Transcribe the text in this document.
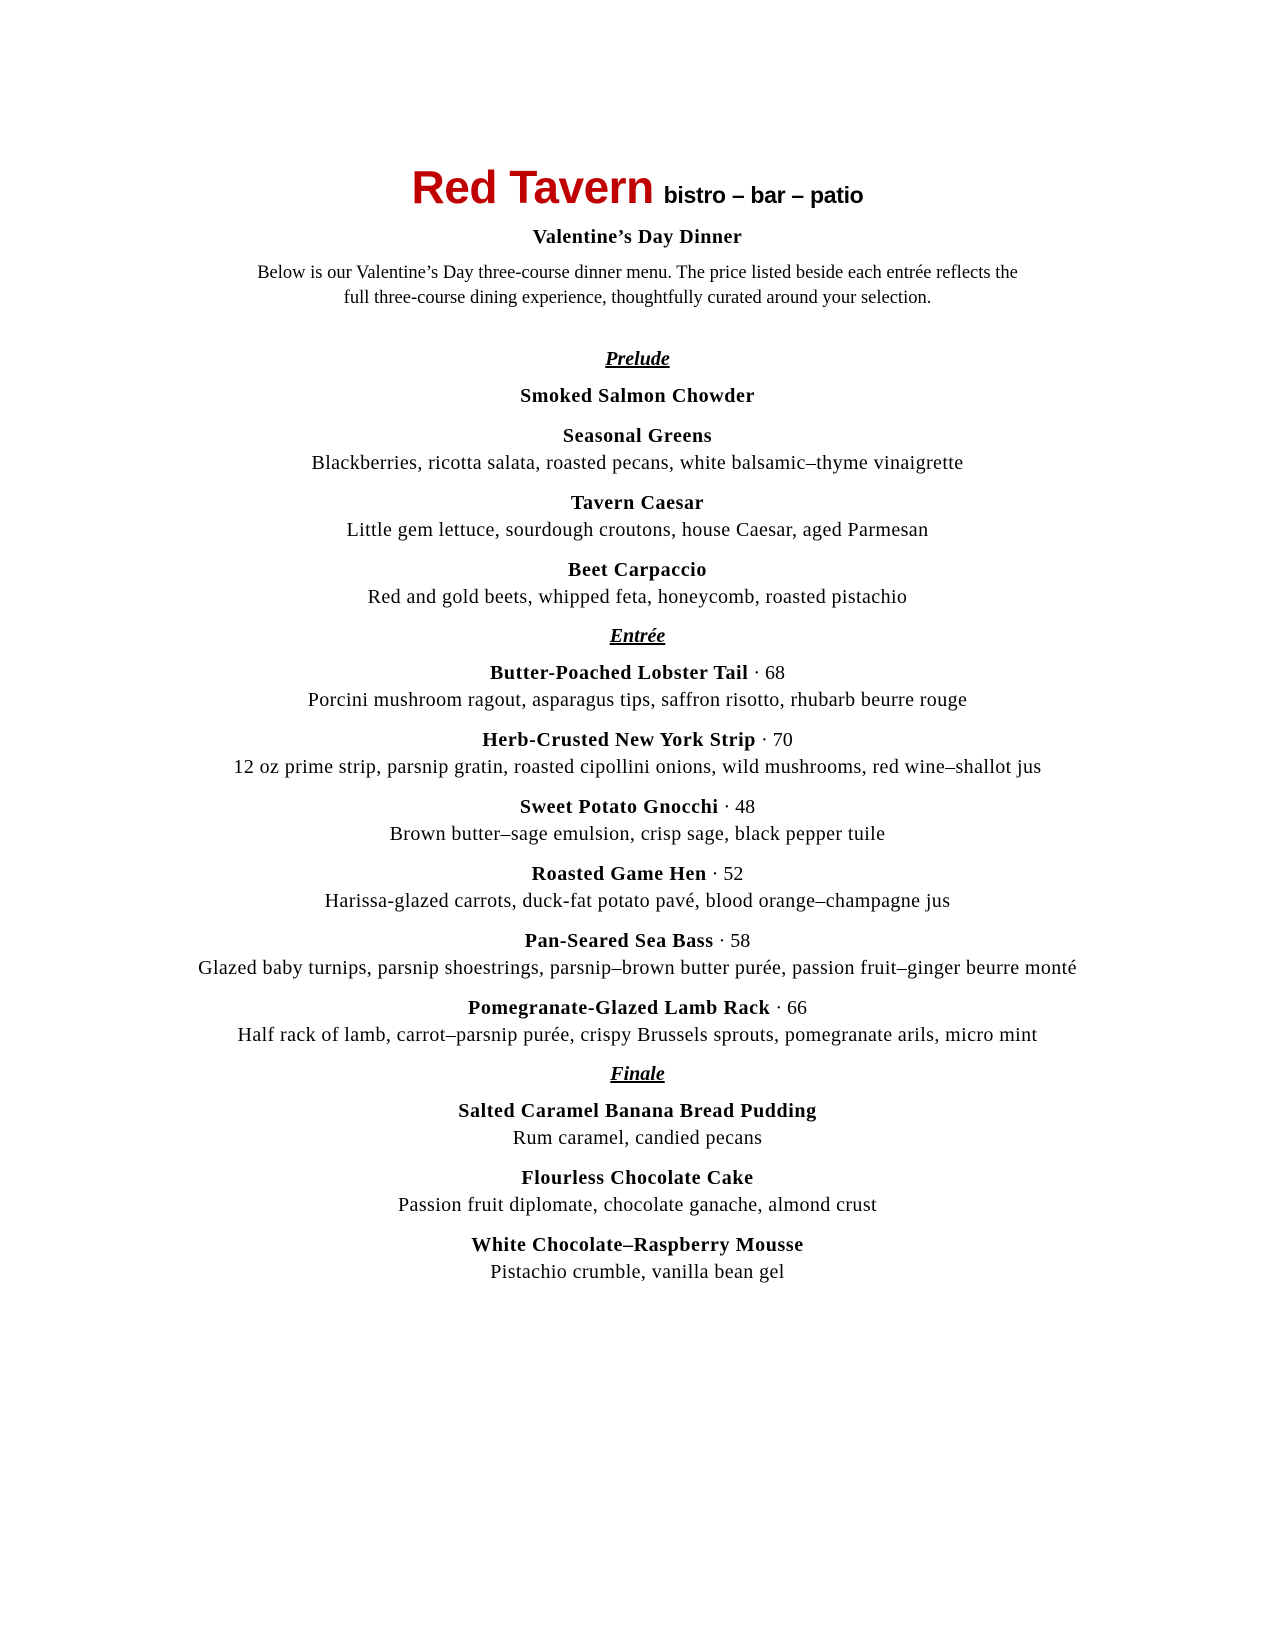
Red Tavern bistro – bar – patio
Valentine’s Day Dinner
Below is our Valentine’s Day three-course dinner menu. The price listed beside each entrée reflects the
full three-course dining experience, thoughtfully curated around your selection.
Prelude
Smoked Salmon Chowder
Seasonal Greens
Blackberries, ricotta salata, roasted pecans, white balsamic–thyme vinaigrette
Tavern Caesar
Little gem lettuce, sourdough croutons, house Caesar, aged Parmesan
Beet Carpaccio
Red and gold beets, whipped feta, honeycomb, roasted pistachio
Entrée
Butter-Poached Lobster Tail · 68
Porcini mushroom ragout, asparagus tips, saffron risotto, rhubarb beurre rouge
Herb-Crusted New York Strip · 70
12 oz prime strip, parsnip gratin, roasted cipollini onions, wild mushrooms, red wine–shallot jus
Sweet Potato Gnocchi · 48
Brown butter–sage emulsion, crisp sage, black pepper tuile
Roasted Game Hen · 52
Harissa-glazed carrots, duck-fat potato pavé, blood orange–champagne jus
Pan-Seared Sea Bass · 58
Glazed baby turnips, parsnip shoestrings, parsnip–brown butter purée, passion fruit–ginger beurre monté
Pomegranate-Glazed Lamb Rack · 66
Half rack of lamb, carrot–parsnip purée, crispy Brussels sprouts, pomegranate arils, micro mint
Finale
Salted Caramel Banana Bread Pudding
Rum caramel, candied pecans
Flourless Chocolate Cake
Passion fruit diplomate, chocolate ganache, almond crust
White Chocolate–Raspberry Mousse
Pistachio crumble, vanilla bean gel
